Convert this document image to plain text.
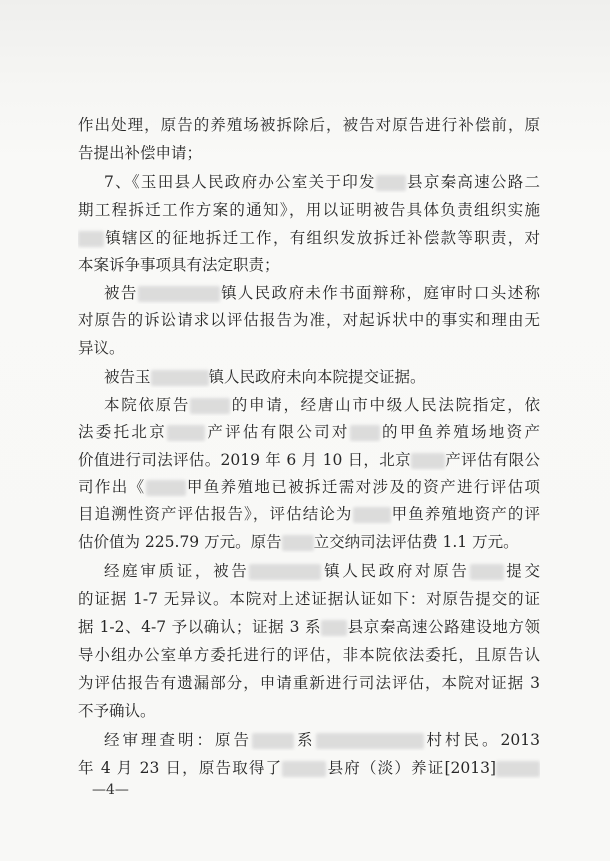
作出处理，原告的养殖场被拆除后，被告对原告进行补偿前，原
告提出补偿申请；
7、《玉田县人民政府办公室关于印发 县京秦高速公路二
期工程拆迁工作方案的通知》，用以证明被告具体负责组织实施
镇辖区的征地拆迁工作，有组织发放拆迁补偿款等职责，对
本案诉争事项具有法定职责；
被告	镇人民政府未作书面辩称，庭审时口头述称
对原告的诉讼请求以评估报告为准，对起诉状中的事实和理由无
异议。
被告玉	镇人民政府未向本院提交证据。
本院依原告	的申请，经唐山市中级人民法院指定，依
法委托北京 产评估有限公司对 的甲鱼养殖场地资产
价值进行司法评估。2019 年 6 月 10 日，北京 产评估有限公
司作出《	甲鱼养殖地已被拆迁需对涉及的资产进行评估项
目追溯性资产评估报告》，评估结论为 甲鱼养殖地资产的评
估价值为 225.79 万元。原告 立交纳司法评估费 1.1 万元。
经庭审质证，被告	镇人民政府对原告 提交
的证据 1-7 无异议。本院对上述证据认证如下：对原告提交的证
据 1-2、4-7 予以确认；证据 3 系 县京秦高速公路建设地方领
导小组办公室单方委托进行的评估，非本院依法委托，且原告认
为评估报告有遗漏部分，申请重新进行司法评估，本院对证据 3
不予确认。
经审理查明：原告	系	村村民。2013
年 4 月 23 日，原告取得了	县府（淡）养证[2013]
—4—
